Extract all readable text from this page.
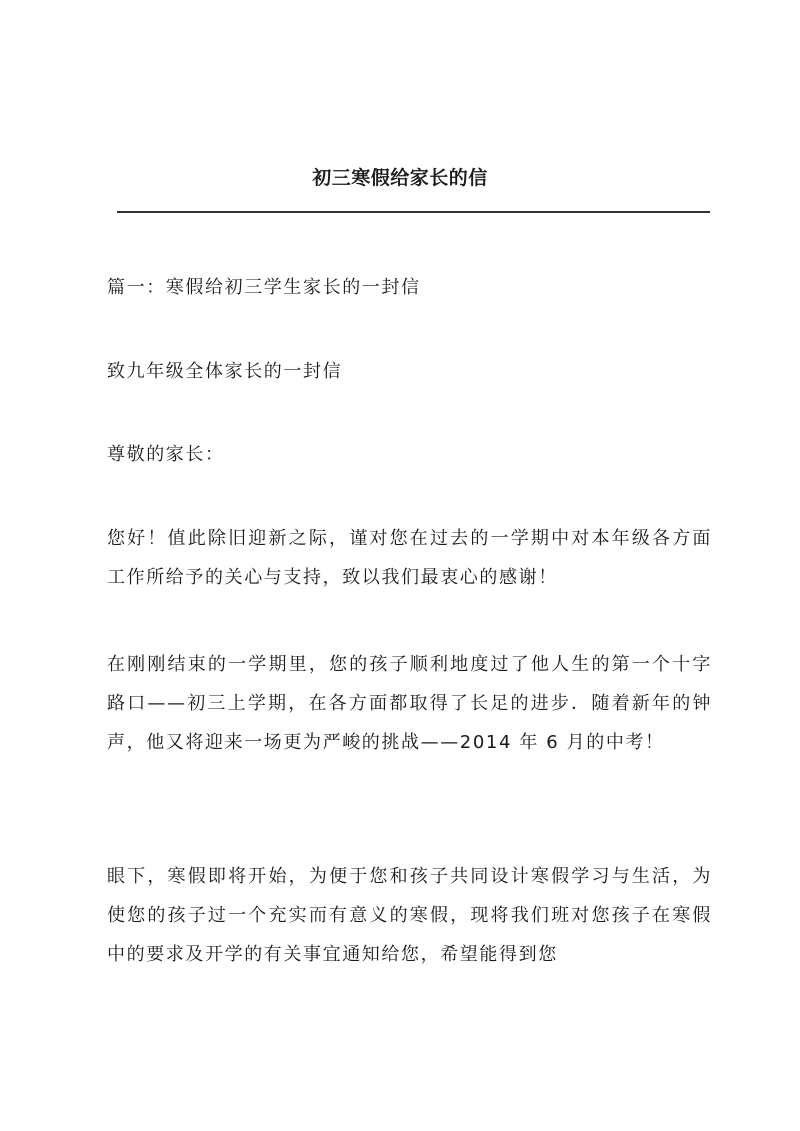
初三寒假给家长的信

篇一：寒假给初三学生家长的一封信

致九年级全体家长的一封信

尊敬的家长：

您好！值此除旧迎新之际，谨对您在过去的一学期中对本年级各方面工作所给予的关心与支持，致以我们最衷心的感谢！

在刚刚结束的一学期里，您的孩子顺利地度过了他人生的第一个十字路口——初三上学期，在各方面都取得了长足的进步．随着新年的钟声，他又将迎来一场更为严峻的挑战——2014 年 6 月的中考！

眼下，寒假即将开始，为便于您和孩子共同设计寒假学习与生活，为使您的孩子过一个充实而有意义的寒假，现将我们班对您孩子在寒假中的要求及开学的有关事宜通知给您，希望能得到您
